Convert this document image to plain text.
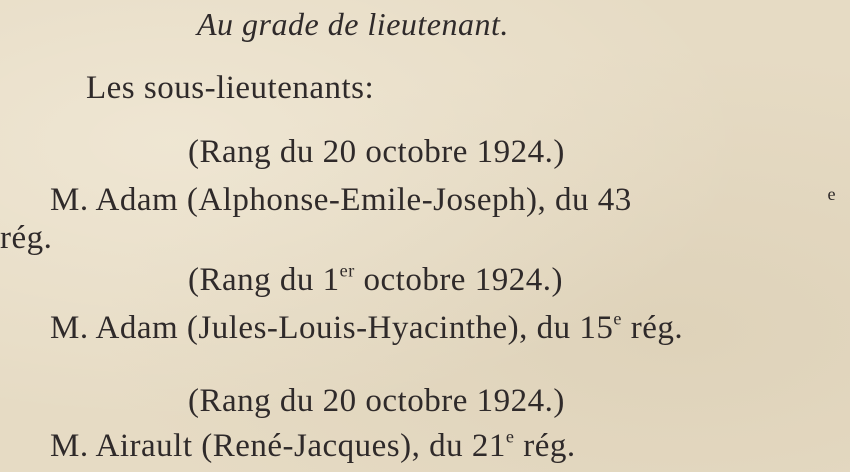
Au grade de lieutenant.
Les sous-lieutenants:
(Rang du 20 octobre 1924.)
M. Adam (Alphonse-Emile-Joseph), du 43	e
rég.
(Rang du 1er octobre 1924.)
M. Adam (Jules-Louis-Hyacinthe), du 15e rég.
(Rang du 20 octobre 1924.)
M. Airault (René-Jacques), du 21e rég.
